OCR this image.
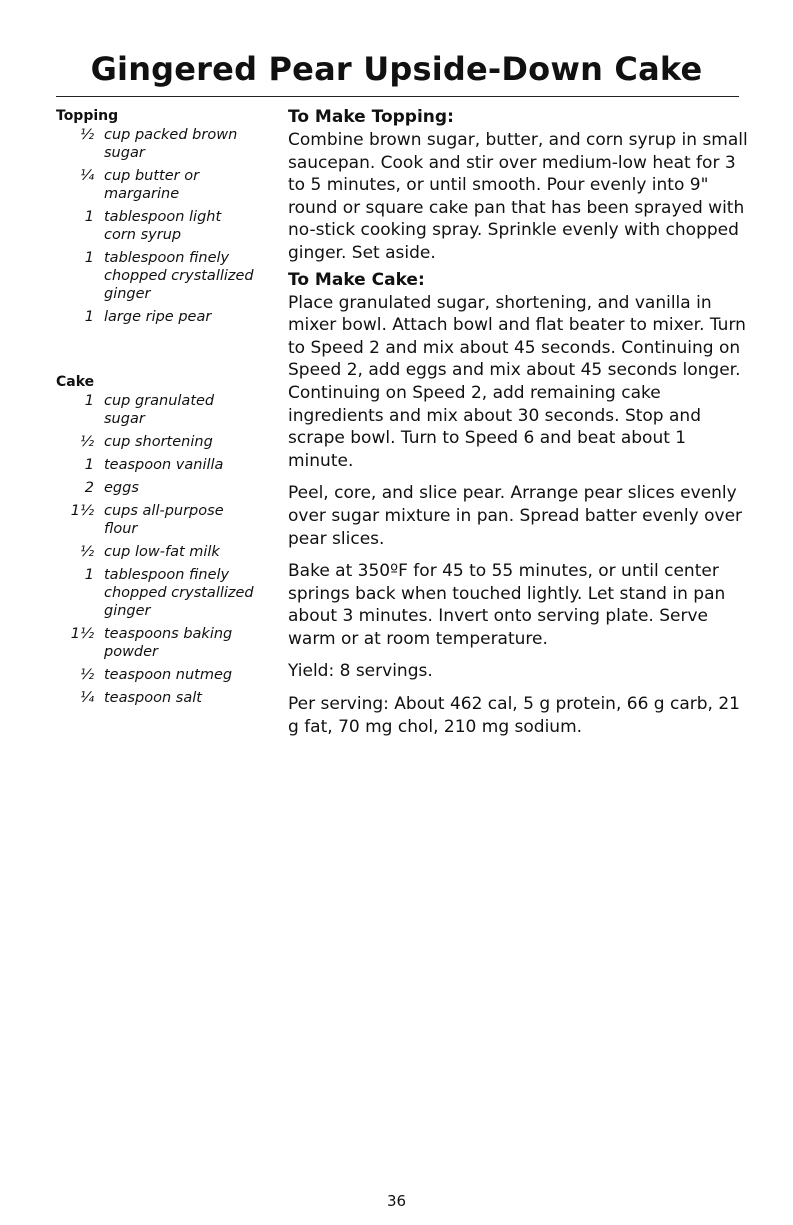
Gingered Pear Upside-Down Cake

Topping

½ cup packed brown sugar
¼ cup butter or margarine
1 tablespoon light corn syrup
1 tablespoon finely chopped crystallized ginger
1 large ripe pear

Cake

1 cup granulated sugar
½ cup shortening
1 teaspoon vanilla
2 eggs
1½ cups all-purpose flour
½ cup low-fat milk
1 tablespoon finely chopped crystallized ginger
1½ teaspoons baking powder
½ teaspoon nutmeg
¼ teaspoon salt

To Make Topping:

Combine brown sugar, butter, and corn syrup in small saucepan. Cook and stir over medium-low heat for 3 to 5 minutes, or until smooth. Pour evenly into 9" round or square cake pan that has been sprayed with no-stick cooking spray. Sprinkle evenly with chopped ginger. Set aside.

To Make Cake:

Place granulated sugar, shortening, and vanilla in mixer bowl. Attach bowl and flat beater to mixer. Turn to Speed 2 and mix about 45 seconds. Continuing on Speed 2, add eggs and mix about 45 seconds longer. Continuing on Speed 2, add remaining cake ingredients and mix about 30 seconds. Stop and scrape bowl. Turn to Speed 6 and beat about 1 minute.

Peel, core, and slice pear. Arrange pear slices evenly over sugar mixture in pan. Spread batter evenly over pear slices.

Bake at 350ºF for 45 to 55 minutes, or until center springs back when touched lightly. Let stand in pan about 3 minutes. Invert onto serving plate. Serve warm or at room temperature.

Yield: 8 servings.

Per serving: About 462 cal, 5 g protein, 66 g carb, 21 g fat, 70 mg chol, 210 mg sodium.

36
